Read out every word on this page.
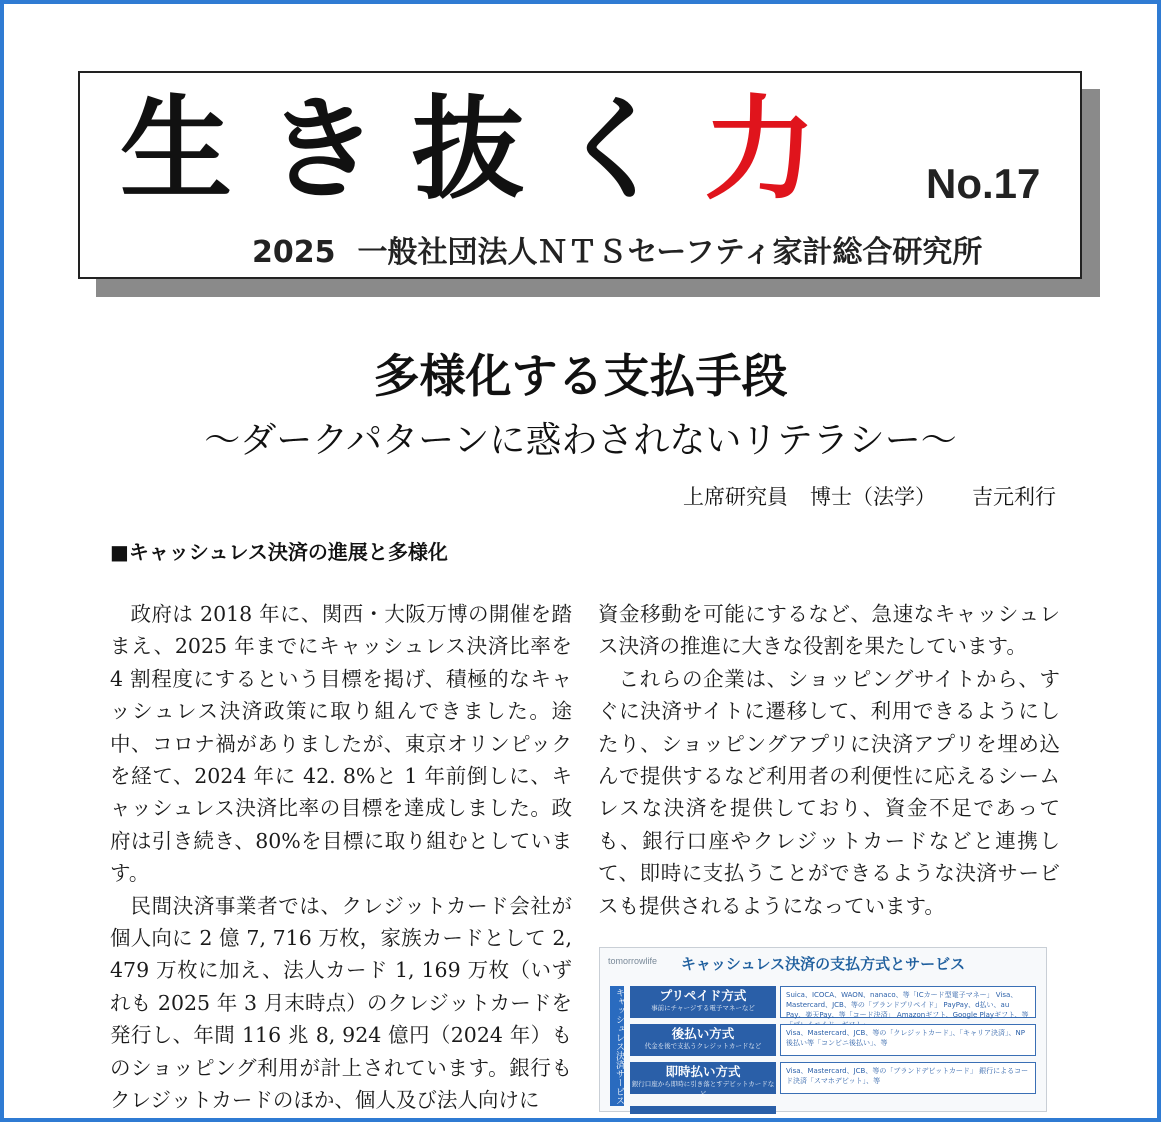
生き抜く力 No.17
2025 一般社団法人ＮＴＳセーフティ家計総合研究所
多様化する支払手段
～ダークパターンに惑わされないリテラシー～
上席研究員 博士（法学） 吉元利行
■キャッシュレス決済の進展と多様化

政府は 2018 年に、関西・大阪万博の開催を踏まえ、2025 年までにキャッシュレス決済比率を 4 割程度にするという目標を掲げ、積極的なキャッシュレス決済政策に取り組んできました。途中、コロナ禍がありましたが、東京オリンピックを経て、2024 年に 42. 8%と 1 年前倒しに、キャッシュレス決済比率の目標を達成しました。政府は引き続き、80%を目標に取り組むとしています。

民間決済事業者では、クレジットカード会社が個人向に 2 億 7, 716 万枚，家族カードとして 2, 479 万枚に加え、法人カード 1, 169 万枚（いずれも 2025 年 3 月末時点）のクレジットカードを発行し、年間 116 兆 8, 924 億円（2024 年）ものショッピング利用が計上されています。銀行もクレジットカードのほか、個人及び法人向けに

資金移動を可能にするなど、急速なキャッシュレス決済の推進に大きな役割を果たしています。

これらの企業は、ショッピングサイトから、すぐに決済サイトに遷移して、利用できるようにしたり、ショッピングアプリに決済アプリを埋め込んで提供するなど利用者の利便性に応えるシームレスな決済を提供しており、資金不足であっても、銀行口座やクレジットカードなどと連携して、即時に支払うことができるような決済サービスも提供されるようになっています。

tomorrowlife	キャッシュレス決済の支払方式とサービス
キャッシュレス決済サービス	プリペイド方式
事前にチャージする電子マネーなど
Suica、ICOCA、WAON、nanaco、等「ICカード型電子マネー」 Visa、Mastercard、JCB、等の「ブランドプリペイド」 PayPay、d払い、au Pay、楽天Pay、等「コード決済」 Amazonギフト、Google Playギフト、等
後払い方式
代金を後で支払うクレジットカードなど
Visa、Mastercard、JCB、等の「クレジットカード」、「キャリア決済」、NP後払い等「コンビニ後払い」、等
即時払い方式
銀行口座から即時に引き落とすデビットカードなど
Visa、Mastercard、JCB、等の「ブランドデビットカード」 銀行によるコード決済「スマホデビット」、等
